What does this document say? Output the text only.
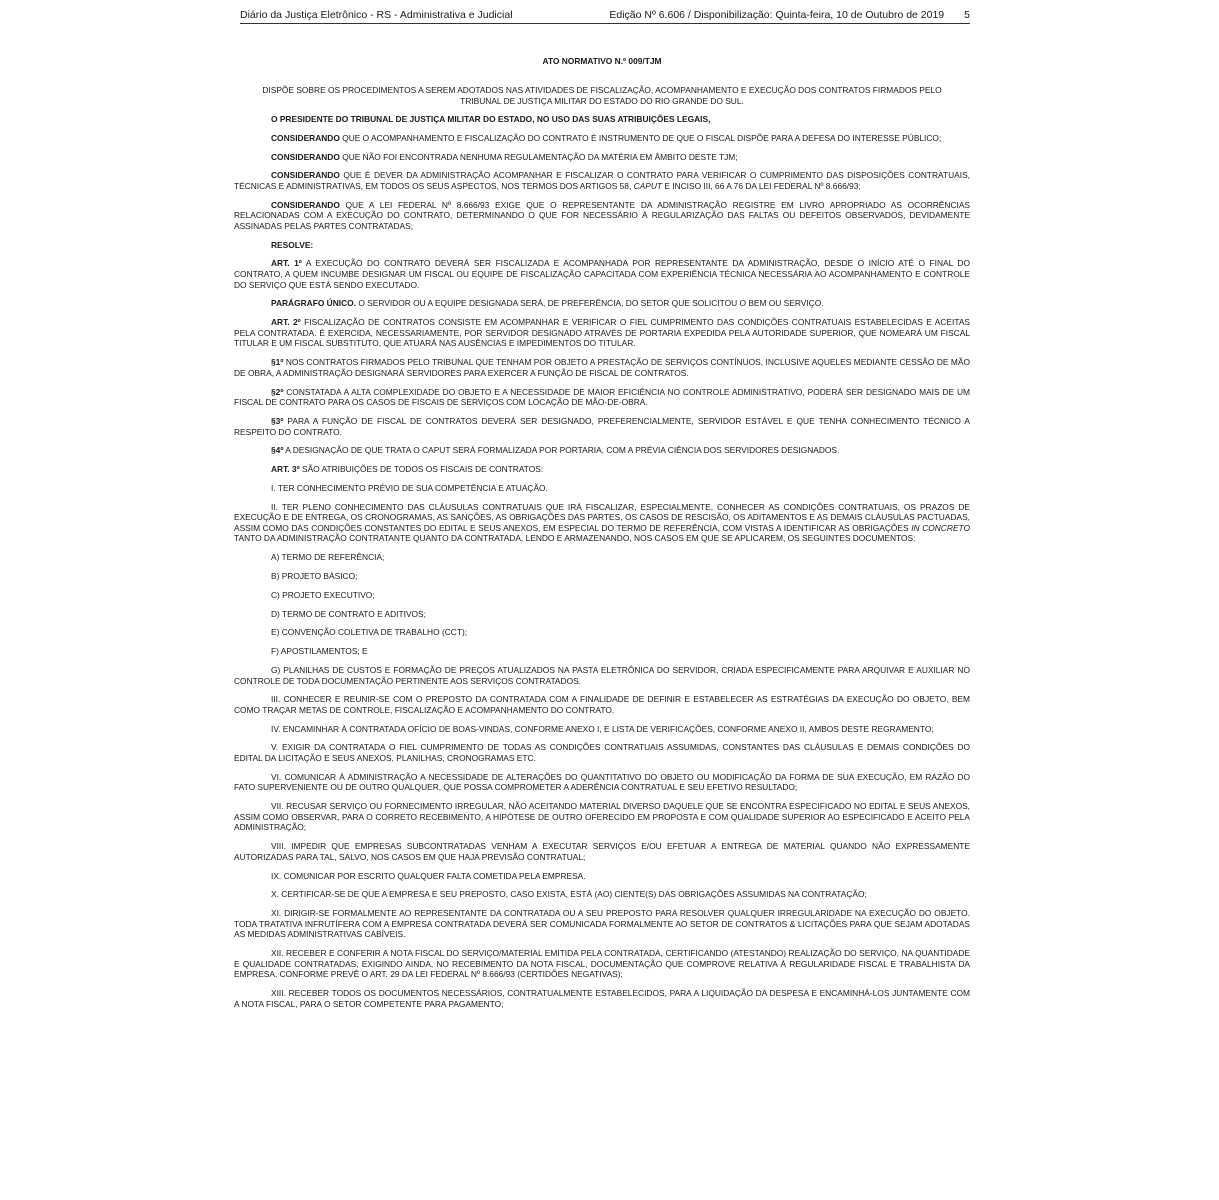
Diário da Justiça Eletrônico - RS - Administrativa e Judicial	Edição Nº 6.606 / Disponibilização: Quinta-feira, 10 de Outubro de 2019 5
ATO NORMATIVO N.º 009/TJM
DISPÕE SOBRE OS PROCEDIMENTOS A SEREM ADOTADOS NAS ATIVIDADES DE FISCALIZAÇÃO, ACOMPANHAMENTO E EXECUÇÃO DOS CONTRATOS FIRMADOS PELO TRIBUNAL DE JUSTIÇA MILITAR DO ESTADO DO RIO GRANDE DO SUL.

O PRESIDENTE DO TRIBUNAL DE JUSTIÇA MILITAR DO ESTADO, NO USO DAS SUAS ATRIBUIÇÕES LEGAIS,

CONSIDERANDO QUE O ACOMPANHAMENTO E FISCALIZAÇÃO DO CONTRATO É INSTRUMENTO DE QUE O FISCAL DISPÕE PARA A DEFESA DO INTERESSE PÚBLICO;

CONSIDERANDO QUE NÃO FOI ENCONTRADA NENHUMA REGULAMENTAÇÃO DA MATÉRIA EM ÂMBITO DESTE TJM;

CONSIDERANDO QUE É DEVER DA ADMINISTRAÇÃO ACOMPANHAR E FISCALIZAR O CONTRATO PARA VERIFICAR O CUMPRIMENTO DAS DISPOSIÇÕES CONTRATUAIS, TÉCNICAS E ADMINISTRATIVAS, EM TODOS OS SEUS ASPECTOS, NOS TERMOS DOS ARTIGOS 58, CAPUT E INCISO III, 66 A 76 DA LEI FEDERAL Nº 8.666/93;

CONSIDERANDO QUE A LEI FEDERAL Nº 8.666/93 EXIGE QUE O REPRESENTANTE DA ADMINISTRAÇÃO REGISTRE EM LIVRO APROPRIADO AS OCORRÊNCIAS RELACIONADAS COM A EXECUÇÃO DO CONTRATO, DETERMINANDO O QUE FOR NECESSÁRIO À REGULARIZAÇÃO DAS FALTAS OU DEFEITOS OBSERVADOS, DEVIDAMENTE ASSINADAS PELAS PARTES CONTRATADAS;

RESOLVE:

ART. 1º A EXECUÇÃO DO CONTRATO DEVERÁ SER FISCALIZADA E ACOMPANHADA POR REPRESENTANTE DA ADMINISTRAÇÃO, DESDE O INÍCIO ATÉ O FINAL DO CONTRATO, A QUEM INCUMBE DESIGNAR UM FISCAL OU EQUIPE DE FISCALIZAÇÃO CAPACITADA COM EXPERIÊNCIA TÉCNICA NECESSÁRIA AO ACOMPANHAMENTO E CONTROLE DO SERVIÇO QUE ESTÁ SENDO EXECUTADO.

PARÁGRAFO ÚNICO. O SERVIDOR OU A EQUIPE DESIGNADA SERÁ, DE PREFERÊNCIA, DO SETOR QUE SOLICITOU O BEM OU SERVIÇO.

ART. 2º FISCALIZAÇÃO DE CONTRATOS CONSISTE EM ACOMPANHAR E VERIFICAR O FIEL CUMPRIMENTO DAS CONDIÇÕES CONTRATUAIS ESTABELECIDAS E ACEITAS PELA CONTRATADA. É EXERCIDA, NECESSARIAMENTE, POR SERVIDOR DESIGNADO ATRAVÉS DE PORTARIA EXPEDIDA PELA AUTORIDADE SUPERIOR, QUE NOMEARÁ UM FISCAL TITULAR E UM FISCAL SUBSTITUTO, QUE ATUARÁ NAS AUSÊNCIAS E IMPEDIMENTOS DO TITULAR.

§1º NOS CONTRATOS FIRMADOS PELO TRIBUNAL QUE TENHAM POR OBJETO A PRESTAÇÃO DE SERVIÇOS CONTÍNUOS, INCLUSIVE AQUELES MEDIANTE CESSÃO DE MÃO DE OBRA, A ADMINISTRAÇÃO DESIGNARÁ SERVIDORES PARA EXERCER A FUNÇÃO DE FISCAL DE CONTRATOS.

§2º CONSTATADA A ALTA COMPLEXIDADE DO OBJETO E A NECESSIDADE DE MAIOR EFICIÊNCIA NO CONTROLE ADMINISTRATIVO, PODERÁ SER DESIGNADO MAIS DE UM FISCAL DE CONTRATO PARA OS CASOS DE FISCAIS DE SERVIÇOS COM LOCAÇÃO DE MÃO-DE-OBRA.

§3º PARA A FUNÇÃO DE FISCAL DE CONTRATOS DEVERÁ SER DESIGNADO, PREFERENCIALMENTE, SERVIDOR ESTÁVEL E QUE TENHA CONHECIMENTO TÉCNICO A RESPEITO DO CONTRATO.

§4º A DESIGNAÇÃO DE QUE TRATA O CAPUT SERÁ FORMALIZADA POR PORTARIA, COM A PRÉVIA CIÊNCIA DOS SERVIDORES DESIGNADOS.

ART. 3º SÃO ATRIBUIÇÕES DE TODOS OS FISCAIS DE CONTRATOS:

I. TER CONHECIMENTO PRÉVIO DE SUA COMPETÊNCIA E ATUAÇÃO.

II. TER PLENO CONHECIMENTO DAS CLÁUSULAS CONTRATUAIS QUE IRÁ FISCALIZAR, ESPECIALMENTE, CONHECER AS CONDIÇÕES CONTRATUAIS, OS PRAZOS DE EXECUÇÃO E DE ENTREGA, OS CRONOGRAMAS, AS SANÇÕES, AS OBRIGAÇÕES DAS PARTES, OS CASOS DE RESCISÃO, OS ADITAMENTOS E AS DEMAIS CLÁUSULAS PACTUADAS, ASSIM COMO DAS CONDIÇÕES CONSTANTES DO EDITAL E SEUS ANEXOS, EM ESPECIAL DO TERMO DE REFERÊNCIA, COM VISTAS A IDENTIFICAR AS OBRIGAÇÕES IN CONCRETO TANTO DA ADMINISTRAÇÃO CONTRATANTE QUANTO DA CONTRATADA, LENDO E ARMAZENANDO, NOS CASOS EM QUE SE APLICAREM, OS SEGUINTES DOCUMENTOS:

A) TERMO DE REFERÊNCIA;

B) PROJETO BÁSICO;

C) PROJETO EXECUTIVO;

D) TERMO DE CONTRATO E ADITIVOS;

E) CONVENÇÃO COLETIVA DE TRABALHO (CCT);

F) APOSTILAMENTOS; E

G) PLANILHAS DE CUSTOS E FORMAÇÃO DE PREÇOS ATUALIZADOS NA PASTA ELETRÔNICA DO SERVIDOR, CRIADA ESPECIFICAMENTE PARA ARQUIVAR E AUXILIAR NO CONTROLE DE TODA DOCUMENTAÇÃO PERTINENTE AOS SERVIÇOS CONTRATADOS.

III. CONHECER E REUNIR-SE COM O PREPOSTO DA CONTRATADA COM A FINALIDADE DE DEFINIR E ESTABELECER AS ESTRATÉGIAS DA EXECUÇÃO DO OBJETO, BEM COMO TRAÇAR METAS DE CONTROLE, FISCALIZAÇÃO E ACOMPANHAMENTO DO CONTRATO.

IV. ENCAMINHAR À CONTRATADA OFÍCIO DE BOAS-VINDAS, CONFORME ANEXO I, E LISTA DE VERIFICAÇÕES, CONFORME ANEXO II, AMBOS DESTE REGRAMENTO;

V. EXIGIR DA CONTRATADA O FIEL CUMPRIMENTO DE TODAS AS CONDIÇÕES CONTRATUAIS ASSUMIDAS, CONSTANTES DAS CLÁUSULAS E DEMAIS CONDIÇÕES DO EDITAL DA LICITAÇÃO E SEUS ANEXOS, PLANILHAS, CRONOGRAMAS ETC.

VI. COMUNICAR À ADMINISTRAÇÃO A NECESSIDADE DE ALTERAÇÕES DO QUANTITATIVO DO OBJETO OU MODIFICAÇÃO DA FORMA DE SUA EXECUÇÃO, EM RAZÃO DO FATO SUPERVENIENTE OU DE OUTRO QUALQUER, QUE POSSA COMPROMETER A ADERÊNCIA CONTRATUAL E SEU EFETIVO RESULTADO;

VII. RECUSAR SERVIÇO OU FORNECIMENTO IRREGULAR, NÃO ACEITANDO MATERIAL DIVERSO DAQUELE QUE SE ENCONTRA ESPECIFICADO NO EDITAL E SEUS ANEXOS, ASSIM COMO OBSERVAR, PARA O CORRETO RECEBIMENTO, A HIPÓTESE DE OUTRO OFERECIDO EM PROPOSTA E COM QUALIDADE SUPERIOR AO ESPECIFICADO E ACEITO PELA ADMINISTRAÇÃO;

VIII. IMPEDIR QUE EMPRESAS SUBCONTRATADAS VENHAM A EXECUTAR SERVIÇOS E/OU EFETUAR A ENTREGA DE MATERIAL QUANDO NÃO EXPRESSAMENTE AUTORIZADAS PARA TAL, SALVO, NOS CASOS EM QUE HAJA PREVISÃO CONTRATUAL;

IX. COMUNICAR POR ESCRITO QUALQUER FALTA COMETIDA PELA EMPRESA.

X. CERTIFICAR-SE DE QUE A EMPRESA E SEU PREPOSTO, CASO EXISTA, ESTÁ (AO) CIENTE(S) DAS OBRIGAÇÕES ASSUMIDAS NA CONTRATAÇÃO;

XI. DIRIGIR-SE FORMALMENTE AO REPRESENTANTE DA CONTRATADA OU A SEU PREPOSTO PARA RESOLVER QUALQUER IRREGULARIDADE NA EXECUÇÃO DO OBJETO. TODA TRATATIVA INFRUTÍFERA COM A EMPRESA CONTRATADA DEVERÁ SER COMUNICADA FORMALMENTE AO SETOR DE CONTRATOS & LICITAÇÕES PARA QUE SEJAM ADOTADAS AS MEDIDAS ADMINISTRATIVAS CABÍVEIS.

XII. RECEBER E CONFERIR A NOTA FISCAL DO SERVIÇO/MATERIAL EMITIDA PELA CONTRATADA, CERTIFICANDO (ATESTANDO) REALIZAÇÃO DO SERVIÇO, NA QUANTIDADE E QUALIDADE CONTRATADAS, EXIGINDO AINDA, NO RECEBIMENTO DA NOTA FISCAL, DOCUMENTAÇÃO QUE COMPROVE RELATIVA À REGULARIDADE FISCAL E TRABALHISTA DA EMPRESA, CONFORME PREVÊ O ART. 29 DA LEI FEDERAL Nº 8.666/93 (CERTIDÕES NEGATIVAS);

XIII. RECEBER TODOS OS DOCUMENTOS NECESSÁRIOS, CONTRATUALMENTE ESTABELECIDOS, PARA A LIQUIDAÇÃO DA DESPESA E ENCAMINHÁ-LOS JUNTAMENTE COM A NOTA FISCAL, PARA O SETOR COMPETENTE PARA PAGAMENTO;
